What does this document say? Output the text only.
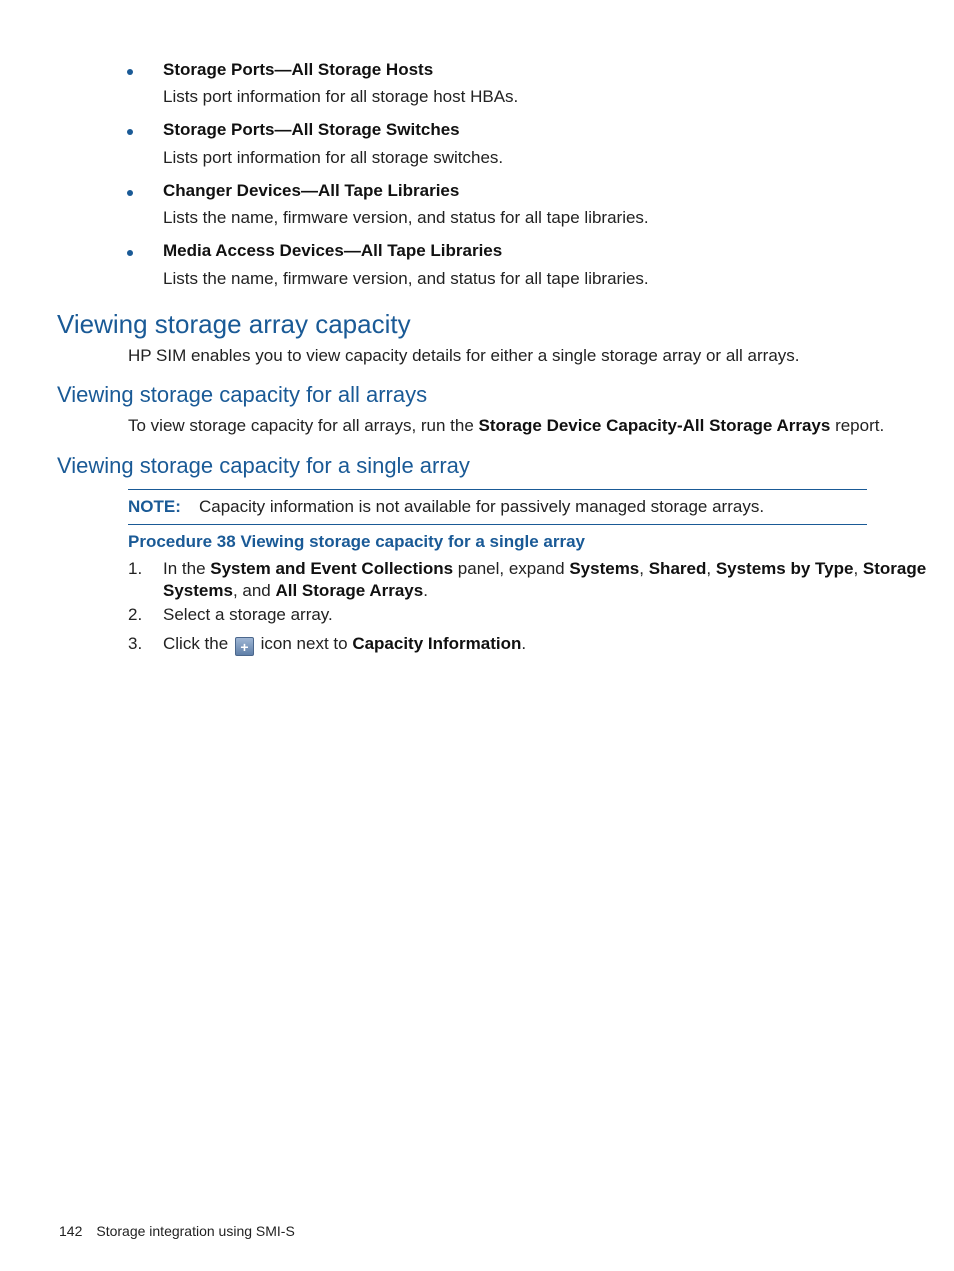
Storage Ports—All Storage Hosts
Lists port information for all storage host HBAs.
Storage Ports—All Storage Switches
Lists port information for all storage switches.
Changer Devices—All Tape Libraries
Lists the name, firmware version, and status for all tape libraries.
Media Access Devices—All Tape Libraries
Lists the name, firmware version, and status for all tape libraries.
Viewing storage array capacity
HP SIM enables you to view capacity details for either a single storage array or all arrays.
Viewing storage capacity for all arrays
To view storage capacity for all arrays, run the Storage Device Capacity-All Storage Arrays report.
Viewing storage capacity for a single array
NOTE: Capacity information is not available for passively managed storage arrays.
Procedure 38 Viewing storage capacity for a single array
1. In the System and Event Collections panel, expand Systems, Shared, Systems by Type, Storage
Systems, and All Storage Arrays.
2. Select a storage array.
3. Click the + icon next to Capacity Information.
142 Storage integration using SMI-S
